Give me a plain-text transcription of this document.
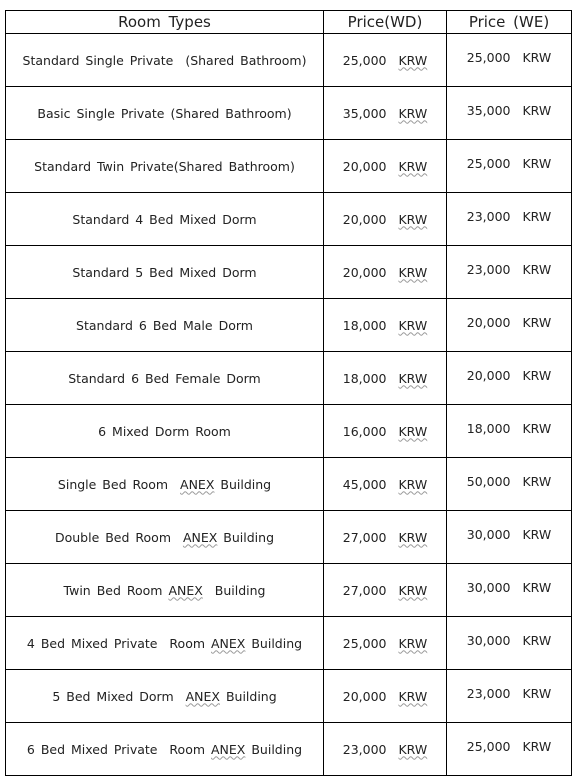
Room Types	Price(WD)	Price (WE)
Standard Single Private  (Shared Bathroom)	25,000 KRW	25,000 KRW
Basic Single Private (Shared Bathroom)	35,000 KRW	35,000 KRW
Standard Twin Private(Shared Bathroom)	20,000 KRW	25,000 KRW
Standard 4 Bed Mixed Dorm	20,000 KRW	23,000 KRW
Standard 5 Bed Mixed Dorm	20,000 KRW	23,000 KRW
Standard 6 Bed Male Dorm	18,000 KRW	20,000 KRW
Standard 6 Bed Female Dorm	18,000 KRW	20,000 KRW
6 Mixed Dorm Room	16,000 KRW	18,000 KRW
Single Bed Room  ANEX Building	45,000 KRW	50,000 KRW
Double Bed Room  ANEX Building	27,000 KRW	30,000 KRW
Twin Bed Room ANEX  Building	27,000 KRW	30,000 KRW
4 Bed Mixed Private  Room ANEX Building	25,000 KRW	30,000 KRW
5 Bed Mixed Dorm  ANEX Building	20,000 KRW	23,000 KRW
6 Bed Mixed Private  Room ANEX Building	23,000 KRW	25,000 KRW
